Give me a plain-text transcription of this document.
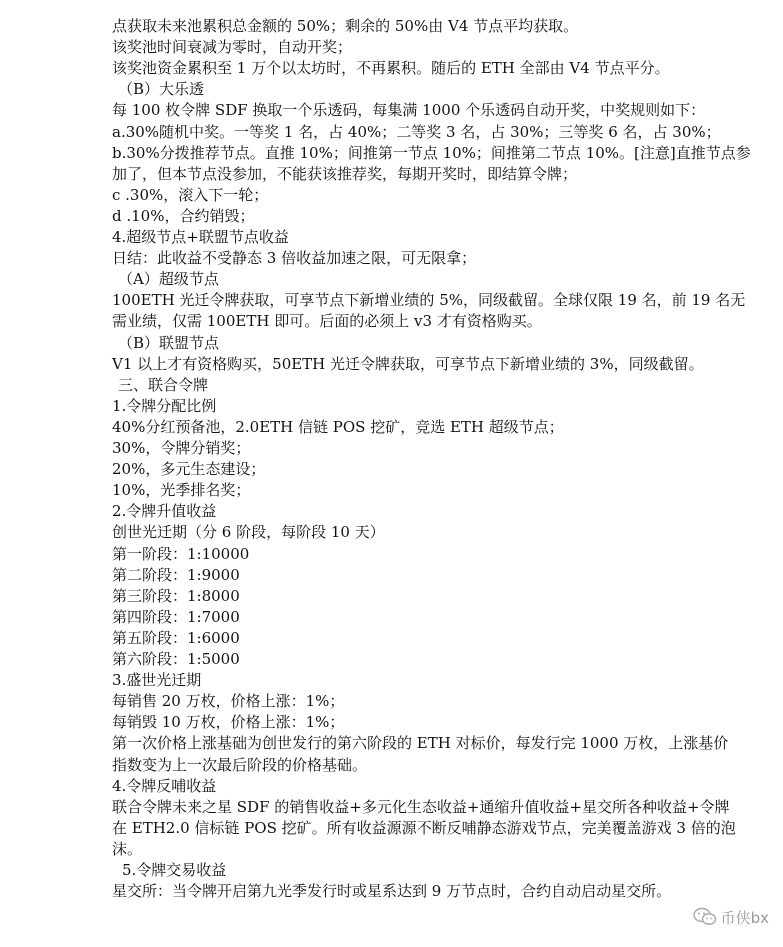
点获取未来池累积总金额的 50%；剩余的 50%由 V4 节点平均获取。
该奖池时间衰减为零时，自动开奖；
该奖池资金累积至 1 万个以太坊时，不再累积。随后的 ETH 全部由 V4 节点平分。
（B）大乐透
每 100 枚令牌 SDF 换取一个乐透码，每集满 1000 个乐透码自动开奖，中奖规则如下：
a.30%随机中奖。一等奖 1 名，占 40%；二等奖 3 名，占 30%；三等奖 6 名，占 30%；
b.30%分拨推荐节点。直推 10%；间推第一节点 10%；间推第二节点 10%。[注意]直推节点参
加了，但本节点没参加，不能获该推荐奖，每期开奖时，即结算令牌；
c .30%，滚入下一轮；
d .10%，合约销毁；
4.超级节点+联盟节点收益
日结：此收益不受静态 3 倍收益加速之限，可无限拿；
（A）超级节点
100ETH 光迁令牌获取，可享节点下新增业绩的 5%，同级截留。全球仅限 19 名，前 19 名无
需业绩，仅需 100ETH 即可。后面的必须上 v3 才有资格购买。
（B）联盟节点
V1 以上才有资格购买，50ETH 光迁令牌获取，可享节点下新增业绩的 3%，同级截留。
三、联合令牌
1.令牌分配比例
40%分红预备池，2.0ETH 信链 POS 挖矿，竞选 ETH 超级节点；
30%，令牌分销奖；
20%，多元生态建设；
10%，光季排名奖；
2.令牌升值收益
创世光迁期（分 6 阶段，每阶段 10 天）
第一阶段：1:10000
第二阶段：1:9000
第三阶段：1:8000
第四阶段：1:7000
第五阶段：1:6000
第六阶段：1:5000
3.盛世光迁期
每销售 20 万枚，价格上涨：1%；
每销毁 10 万枚，价格上涨：1%；
第一次价格上涨基础为创世发行的第六阶段的 ETH 对标价，每发行完 1000 万枚，上涨基价
指数变为上一次最后阶段的价格基础。
4.令牌反哺收益
联合令牌未来之星 SDF 的销售收益+多元化生态收益+通缩升值收益+星交所各种收益+令牌
在 ETH2.0 信标链 POS 挖矿。所有收益源源不断反哺静态游戏节点，完美覆盖游戏 3 倍的泡
沫。
5.令牌交易收益
星交所：当令牌开启第九光季发行时或星系达到 9 万节点时，合约自动启动星交所。
币侠bx
